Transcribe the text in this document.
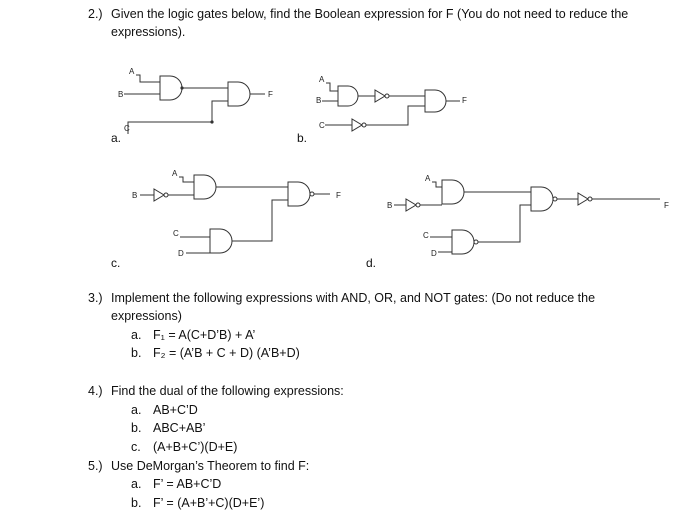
2.) Given the logic gates below, find the Boolean expression for F (You do not need to reduce the
expressions).
A
B
C
F
A
B
C
F
A
B
C
D
F
A
B
C
D
F
a.	b.
c.	d.
3.) Implement the following expressions with AND, OR, and NOT gates: (Do not reduce the
expressions)
a. F₁ = A(C+D’B) + A’
b. F₂ = (A’B + C + D) (A’B+D)
4.) Find the dual of the following expressions:
a. AB+C’D
b. ABC+AB’
c. (A+B+C’)(D+E)
5.) Use DeMorgan’s Theorem to find F:
a. F’ = AB+C’D
b. F’ = (A+B’+C)(D+E’)
